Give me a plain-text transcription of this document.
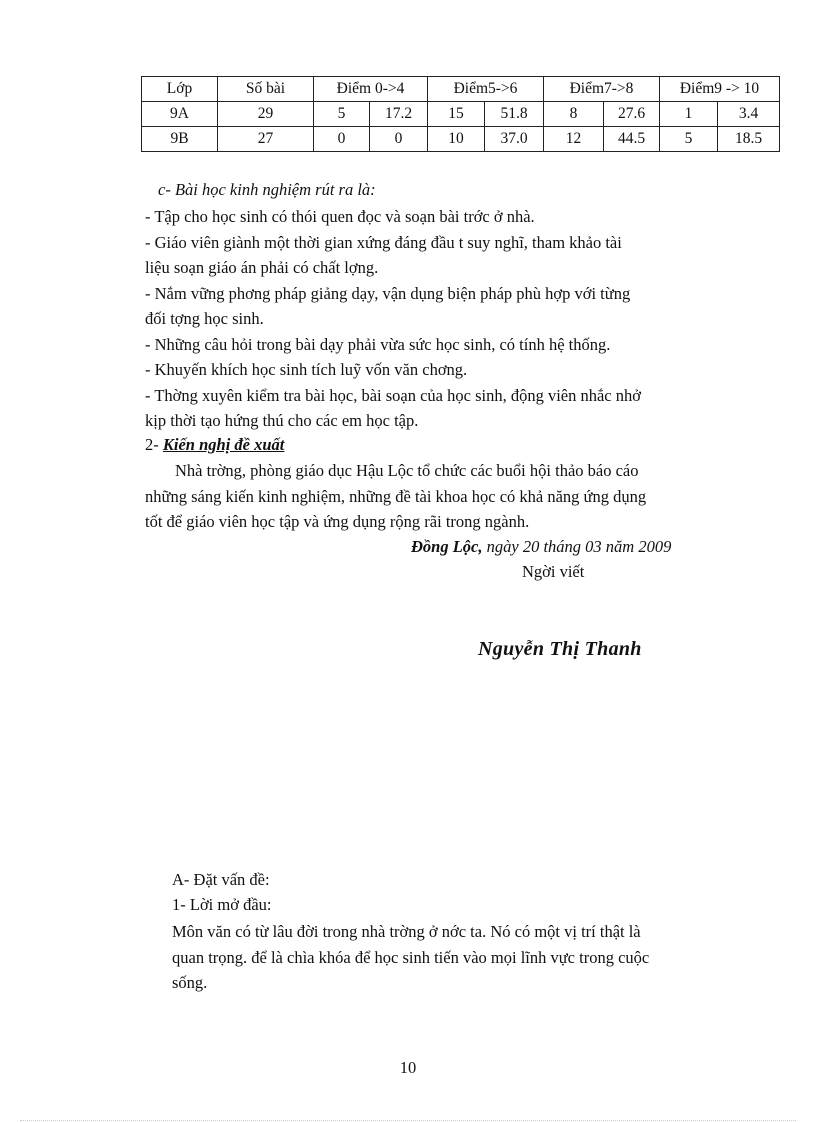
Lớp	Số bài	Điểm 0->4		Điểm5->6		Điểm7->8		Điểm9 -> 10	
9A	29	5	17.2	15	51.8	8	27.6	1	3.4
9B	27	0	0	10	37.0	12	44.5	5	18.5
c- Bài học kinh nghiệm rút ra là:
- Tập cho học sinh có thói quen đọc và soạn bài trớc ở nhà.
- Giáo viên giành một thời gian xứng đáng đầu t suy nghĩ, tham khảo tài
liệu soạn giáo án phải có chất lợng.
- Nắm vững phơng pháp giảng dạy, vận dụng biện pháp phù hợp với từng
đối tợng học sinh.
- Những câu hỏi trong bài dạy phải vừa sức học sinh, có tính hệ thống.
- Khuyến khích học sinh tích luỹ vốn văn chơng.
- Thờng xuyên kiểm tra bài học, bài soạn của học sinh, động viên nhắc nhở
kịp thời tạo hứng thú cho các em học tập.
2- Kiến nghị đề xuất
Nhà trờng, phòng giáo dục Hậu Lộc tổ chức các buổi hội thảo báo cáo
những sáng kiến kinh nghiệm, những đề tài khoa học có khả năng ứng dụng
tốt để giáo viên học tập và ứng dụng rộng rãi trong ngành.
Đồng Lộc, ngày 20 tháng 03 năm 2009
Ngời viết
Nguyễn Thị Thanh
A- Đặt vấn đề:
1- Lời mở đầu:
Môn văn có từ lâu đời trong nhà trờng ở nớc ta. Nó có một vị trí thật là
quan trọng. để là chìa khóa để học sinh tiến vào mọi lĩnh vực trong cuộc
sống.
10
